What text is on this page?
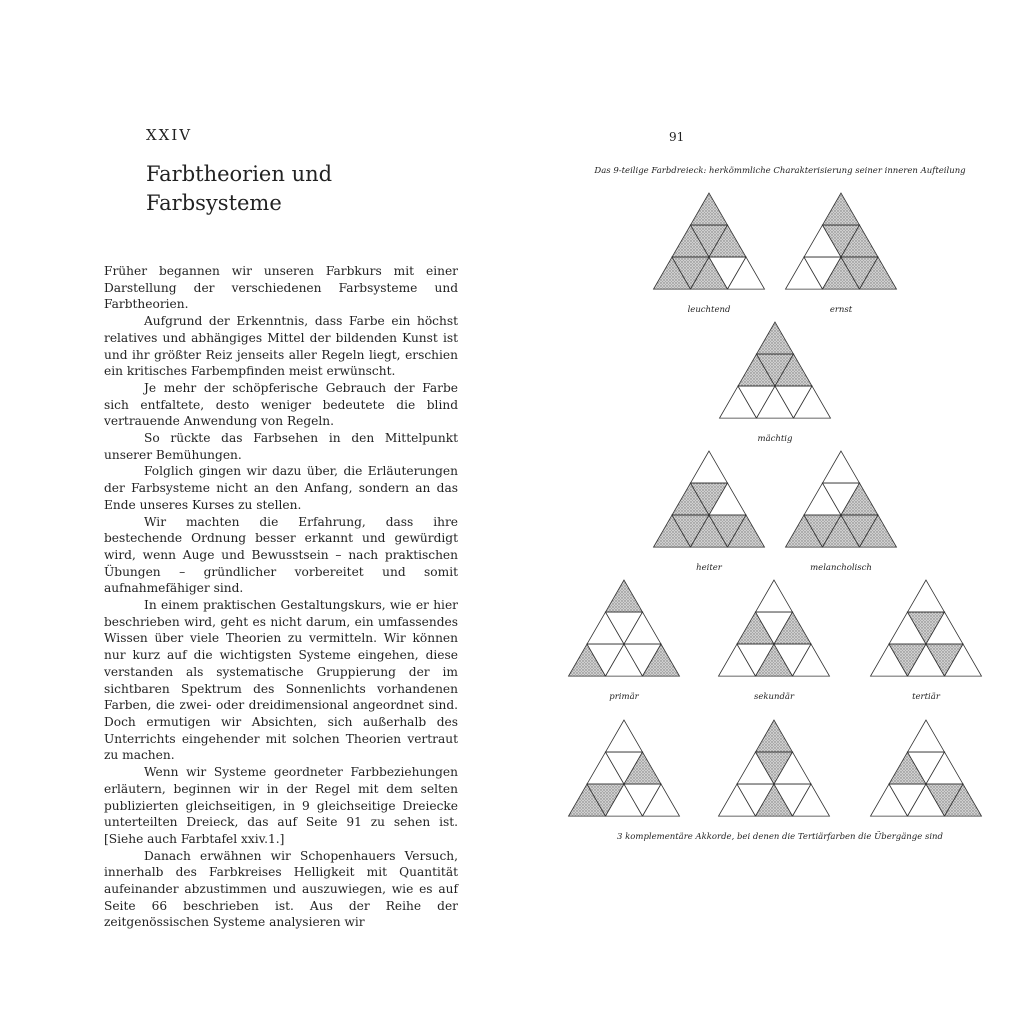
XXIV
Farbtheorien und
Farbsysteme

Früher begannen wir unseren Farbkurs mit einer Darstellung der verschiedenen Farbsysteme und Farbtheorien.

Aufgrund der Erkenntnis, dass Farbe ein höchst relatives und abhängiges Mittel der bildenden Kunst ist und ihr größter Reiz jenseits aller Regeln liegt, erschien ein kritisches Farbempfinden meist erwünscht.

Je mehr der schöpferische Gebrauch der Farbe sich entfaltete, desto weniger bedeutete die blind vertrauende Anwendung von Regeln.

So rückte das Farbsehen in den Mittelpunkt unserer Bemühungen.

Folglich gingen wir dazu über, die Erläuterungen der Farbsysteme nicht an den Anfang, sondern an das Ende unseres Kurses zu stellen.

Wir machten die Erfahrung, dass ihre bestechende Ordnung besser erkannt und gewürdigt wird, wenn Auge und Bewusstsein – nach praktischen Übungen – gründlicher vorbereitet und somit aufnahmefähiger sind.

In einem praktischen Gestaltungskurs, wie er hier beschrieben wird, geht es nicht darum, ein umfassendes Wissen über viele Theorien zu vermitteln. Wir können nur kurz auf die wichtigsten Systeme eingehen, diese verstanden als systematische Gruppierung der im sichtbaren Spektrum des Sonnenlichts vorhandenen Farben, die zwei- oder dreidimensional angeordnet sind. Doch ermutigen wir Absichten, sich außerhalb des Unterrichts eingehender mit solchen Theorien vertraut zu machen.

Wenn wir Systeme geordneter Farbbeziehungen erläutern, beginnen wir in der Regel mit dem selten publizierten gleichseitigen, in 9 gleichseitige Dreiecke unterteilten Dreieck, das auf Seite 91 zu sehen ist. [Siehe auch Farbtafel xxiv.1.]

Danach erwähnen wir Schopenhauers Versuch, innerhalb des Farbkreises Helligkeit mit Quantität aufeinander abzustimmen und auszuwiegen, wie es auf Seite 66 beschrieben ist. Aus der Reihe der zeitgenössischen Systeme analysieren wir

91
Das 9-teilige Farbdreieck: herkömmliche Charakterisierung seiner inneren Aufteilung
leuchtend	ernst
mächtig
heiter	melancholisch
primär	sekundär	tertiär
3 komplementäre Akkorde, bei denen die Tertiärfarben die Übergänge sind
